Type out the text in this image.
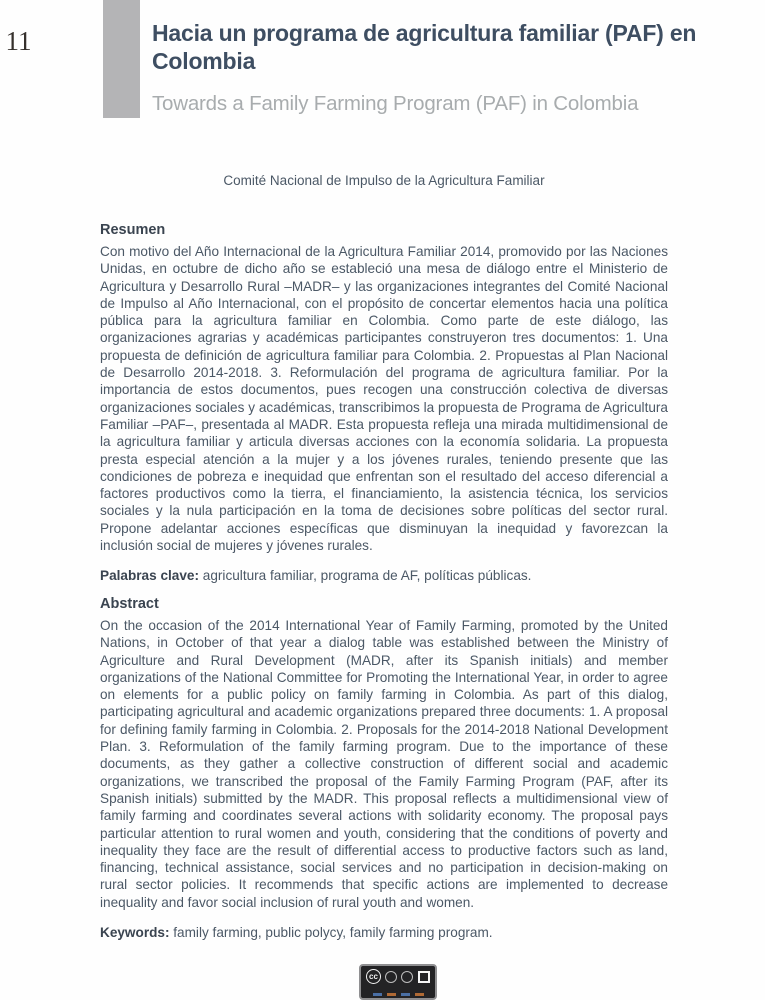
11	Hacia un programa de agricultura familiar (PAF) en Colombia
Towards a Family Farming Program (PAF) in Colombia
Comité Nacional de Impulso de la Agricultura Familiar
Resumen

Con motivo del Año Internacional de la Agricultura Familiar 2014, promovido por las Naciones Unidas, en octubre de dicho año se estableció una mesa de diálogo entre el Ministerio de Agricultura y Desarrollo Rural –MADR– y las organizaciones integrantes del Comité Nacional de Impulso al Año Internacional, con el propósito de concertar elementos hacia una política pública para la agricultura familiar en Colombia. Como parte de este diálogo, las organizaciones agrarias y académicas participantes construyeron tres documentos: 1. Una propuesta de definición de agricultura familiar para Colombia. 2. Propuestas al Plan Nacional de Desarrollo 2014-2018. 3. Reformulación del programa de agricultura familiar. Por la importancia de estos documentos, pues recogen una construcción colectiva de diversas organizaciones sociales y académicas, transcribimos la propuesta de Programa de Agricultura Familiar –PAF–, presentada al MADR. Esta propuesta refleja una mirada multidimensional de la agricultura familiar y articula diversas acciones con la economía solidaria. La propuesta presta especial atención a la mujer y a los jóvenes rurales, teniendo presente que las condiciones de pobreza e inequidad que enfrentan son el resultado del acceso diferencial a factores productivos como la tierra, el financiamiento, la asistencia técnica, los servicios sociales y la nula participación en la toma de decisiones sobre políticas del sector rural. Propone adelantar acciones específicas que disminuyan la inequidad y favorezcan la inclusión social de mujeres y jóvenes rurales.

Palabras clave: agricultura familiar, programa de AF, políticas públicas.

Abstract

On the occasion of the 2014 International Year of Family Farming, promoted by the United Nations, in October of that year a dialog table was established between the Ministry of Agriculture and Rural Development (MADR, after its Spanish initials) and member organizations of the National Committee for Promoting the International Year, in order to agree on elements for a public policy on family farming in Colombia. As part of this dialog, participating agricultural and academic organizations prepared three documents: 1. A proposal for defining family farming in Colombia. 2. Proposals for the 2014-2018 National Development Plan. 3. Reformulation of the family farming program. Due to the importance of these documents, as they gather a collective construction of different social and academic organizations, we transcribed the proposal of the Family Farming Program (PAF, after its Spanish initials) submitted by the MADR. This proposal reflects a multidimensional view of family farming and coordinates several actions with solidarity economy. The proposal pays particular attention to rural women and youth, considering that the conditions of poverty and inequality they face are the result of differential access to productive factors such as land, financing, technical assistance, social services and no participation in decision-making on rural sector policies. It recommends that specific actions are implemented to decrease inequality and favor social inclusion of rural youth and women.

Keywords: family farming, public polycy, family farming program.

cc
